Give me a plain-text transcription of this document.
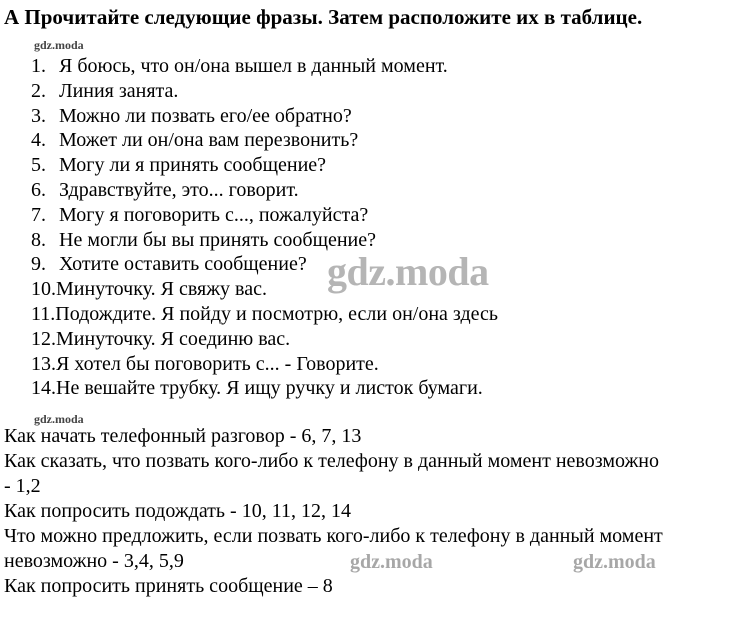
А Прочитайте следующие фразы. Затем расположите их в таблице.
gdz.moda
1. Я боюсь, что он/она вышел в данный момент.
2. Линия занята.
3. Можно ли позвать его/ее обратно?
4. Может ли он/она вам перезвонить?
5. Могу ли я принять сообщение?
6. Здравствуйте, это... говорит.
7. Могу я поговорить с..., пожалуйста?
8. Не могли бы вы принять сообщение?
9. Хотите оставить сообщение?
10. Минуточку. Я свяжу вас.
11. Подождите. Я пойду и посмотрю, если он/она здесь
12. Минуточку. Я соединю вас.
13. Я хотел бы поговорить с... - Говорите.
14. Не вешайте трубку. Я ищу ручку и листок бумаги.
gdz.moda
gdz.moda
Как начать телефонный разговор - 6, 7, 13
Как сказать, что позвать кого-либо к телефону в данный момент невозможно
- 1,2
Как попросить подождать - 10, 11, 12, 14
Что можно предложить, если позвать кого-либо к телефону в данный момент
невозможно - 3,4, 5,9
Как попросить принять сообщение – 8
gdz.moda	gdz.moda
